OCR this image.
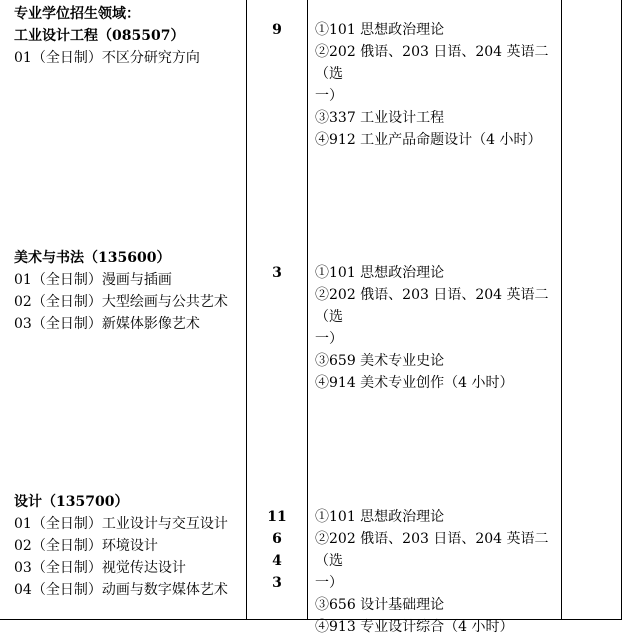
专业学位招生领域：
工业设计工程（085507）
01（全日制）不区分研究方向
9	①101 思想政治理论
②202 俄语、203 日语、204 英语二（选
一）
③337 工业设计工程
④912 工业产品命题设计（4 小时）
美术与书法（135600）
01（全日制）漫画与插画
02（全日制）大型绘画与公共艺术
03（全日制）新媒体影像艺术
3	①101 思想政治理论
②202 俄语、203 日语、204 英语二（选
一）
③659 美术专业史论
④914 美术专业创作（4 小时）
设计（135700）
01（全日制）工业设计与交互设计
02（全日制）环境设计
03（全日制）视觉传达设计
04（全日制）动画与数字媒体艺术
11
6
4
3
①101 思想政治理论
②202 俄语、203 日语、204 英语二（选
一）
③656 设计基础理论
④913 专业设计综合（4 小时）
